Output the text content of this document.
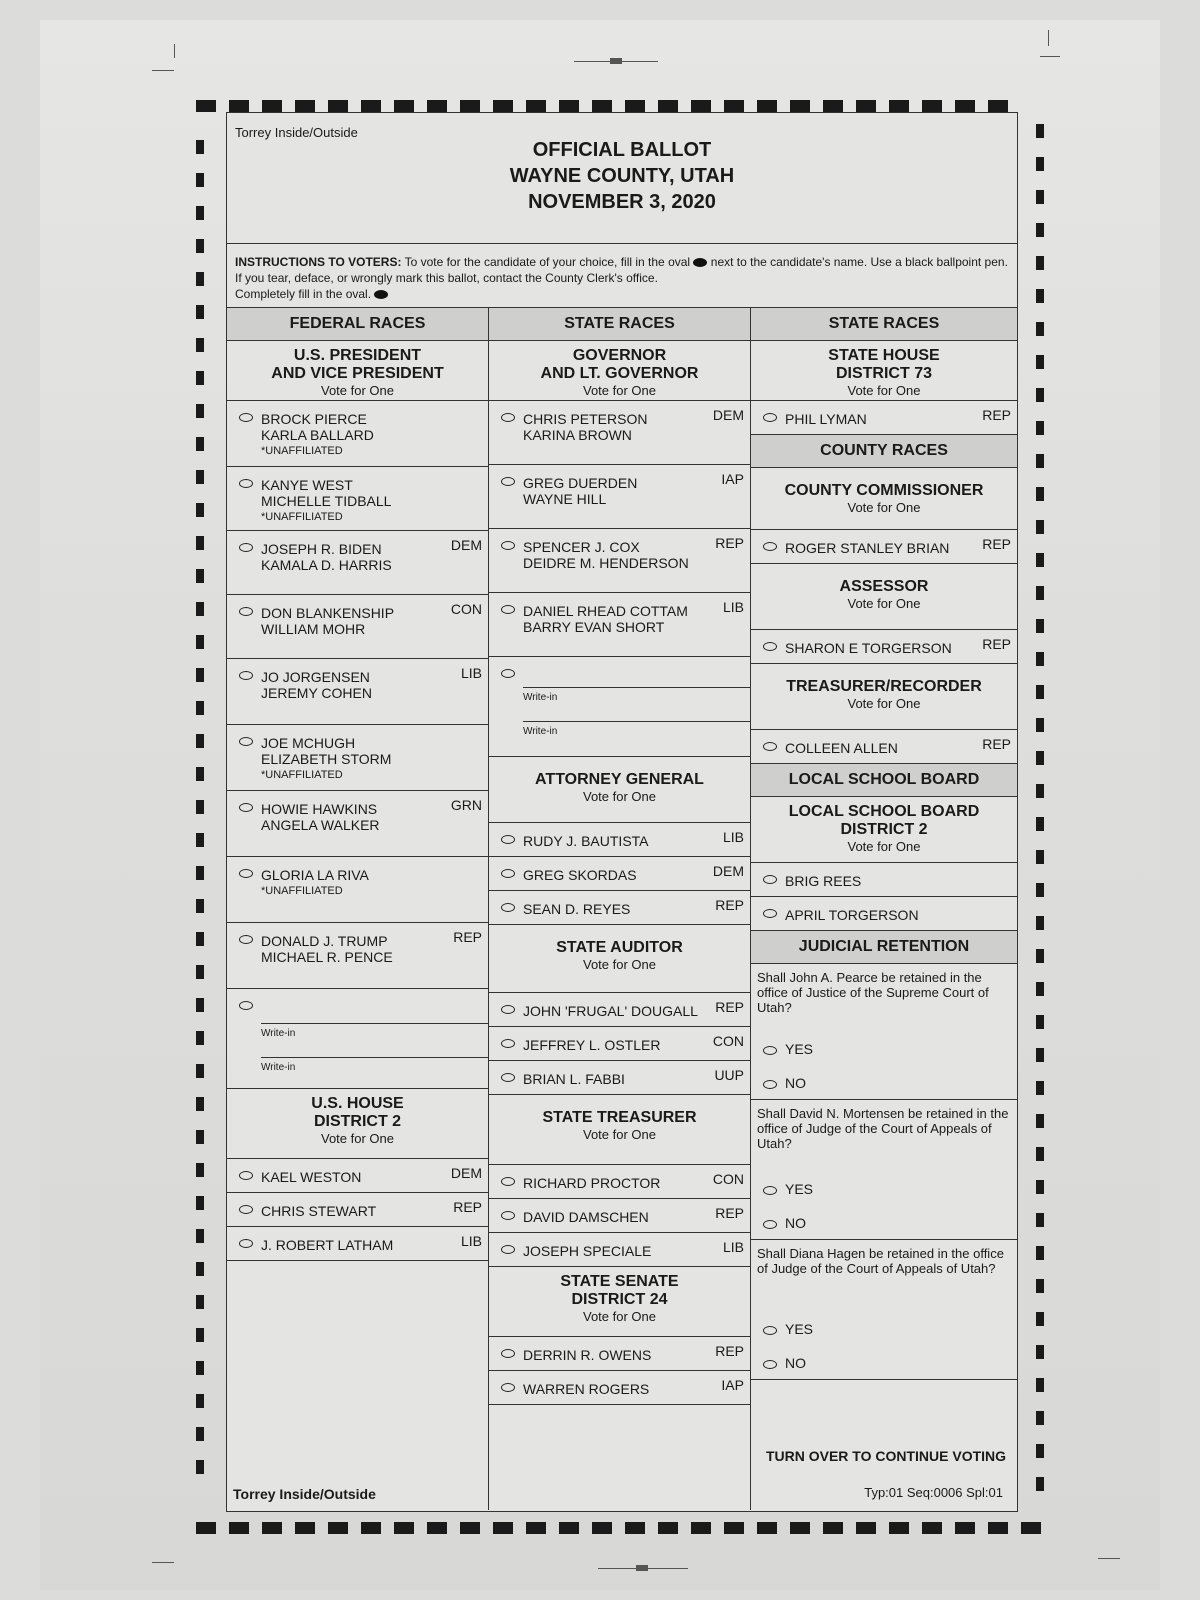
Torrey Inside/Outside
OFFICIAL BALLOT
WAYNE COUNTY, UTAH
NOVEMBER 3, 2020
INSTRUCTIONS TO VOTERS: To vote for the candidate of your choice, fill in the oval next to the candidate's name. Use a black ballpoint pen. If you tear, deface, or wrongly mark this ballot, contact the County Clerk's office.
Completely fill in the oval.
FEDERAL RACES
U.S. PRESIDENT
AND VICE PRESIDENT
Vote for One
BROCK PIERCE
KARLA BALLARD
*UNAFFILIATED
KANYE WEST
MICHELLE TIDBALL
*UNAFFILIATED
DEM
JOSEPH R. BIDEN
KAMALA D. HARRIS
CON
DON BLANKENSHIP
WILLIAM MOHR
LIB
JO JORGENSEN
JEREMY COHEN
JOE MCHUGH
ELIZABETH STORM
*UNAFFILIATED
GRN
HOWIE HAWKINS
ANGELA WALKER
GLORIA LA RIVA
*UNAFFILIATED
REP
DONALD J. TRUMP
MICHAEL R. PENCE
Write-in
Write-in
U.S. HOUSE
DISTRICT 2
Vote for One
DEM
KAEL WESTON
REP
CHRIS STEWART
LIB
J. ROBERT LATHAM
Torrey Inside/Outside
STATE RACES
GOVERNOR
AND LT. GOVERNOR
Vote for One
DEM
CHRIS PETERSON
KARINA BROWN
IAP
GREG DUERDEN
WAYNE HILL
REP
SPENCER J. COX
DEIDRE M. HENDERSON
LIB
DANIEL RHEAD COTTAM
BARRY EVAN SHORT
Write-in
Write-in
ATTORNEY GENERAL
Vote for One
LIB
RUDY J. BAUTISTA
DEM
GREG SKORDAS
REP
SEAN D. REYES
STATE AUDITOR
Vote for One
REP
JOHN 'FRUGAL' DOUGALL
CON
JEFFREY L. OSTLER
UUP
BRIAN L. FABBI
STATE TREASURER
Vote for One
CON
RICHARD PROCTOR
REP
DAVID DAMSCHEN
LIB
JOSEPH SPECIALE
STATE SENATE
DISTRICT 24
Vote for One
REP
DERRIN R. OWENS
IAP
WARREN ROGERS
STATE RACES
STATE HOUSE
DISTRICT 73
Vote for One
REP
PHIL LYMAN
COUNTY RACES
COUNTY COMMISSIONER
Vote for One
REP
ROGER STANLEY BRIAN
ASSESSOR
Vote for One
REP
SHARON E TORGERSON
TREASURER/RECORDER
Vote for One
REP
COLLEEN ALLEN
LOCAL SCHOOL BOARD
LOCAL SCHOOL BOARD
DISTRICT 2
Vote for One
BRIG REES
APRIL TORGERSON
JUDICIAL RETENTION
Shall John A. Pearce be retained in the office of Justice of the Supreme Court of Utah?
YES
NO
Shall David N. Mortensen be retained in the office of Judge of the Court of Appeals of Utah?
YES
NO
Shall Diana Hagen be retained in the office of Judge of the Court of Appeals of Utah?
YES
NO
TURN OVER TO CONTINUE VOTING
Typ:01 Seq:0006 Spl:01
